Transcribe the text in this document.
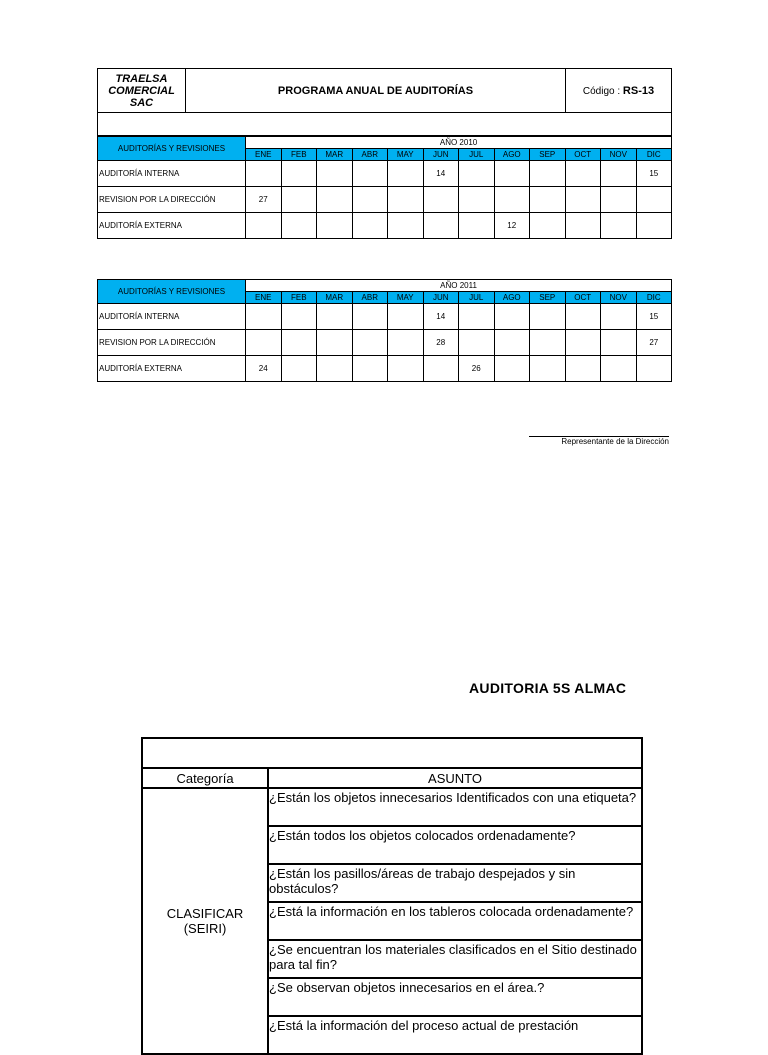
TRAELSA
COMERCIAL
SAC
	PROGRAMA ANUAL DE AUDITORÍAS	Código : RS-13

AUDITORÍAS Y REVISIONES	AÑO 2010											
	ENE	FEB	MAR	ABR	MAY	JUN	JUL	AGO	SEP	OCT	NOV	DIC
AUDITORÍA INTERNA						14						15
REVISION POR LA DIRECCIÓN	27											
AUDITORÍA EXTERNA								12				
AUDITORÍAS Y REVISIONES	AÑO 2011											
	ENE	FEB	MAR	ABR	MAY	JUN	JUL	AGO	SEP	OCT	NOV	DIC
AUDITORÍA INTERNA						14						15
REVISION POR LA DIRECCIÓN						28						27
AUDITORÍA EXTERNA	24						26					
Representante de la Dirección
AUDITORIA 5S ALMAC

Categoría	ASUNTO

CLASIFICAR
(SEIRI)	¿Están los objetos innecesarios Identificados con una etiqueta?
	¿Están todos los objetos colocados ordenadamente?
	¿Están los pasillos/áreas de trabajo despejados y sin obstáculos?
	¿Está la información en los tableros colocada ordenadamente?
	¿Se encuentran los materiales clasificados en el Sitio destinado para tal fin?
	¿Se observan objetos innecesarios en el área.?
	¿Está la información del proceso actual de prestación
